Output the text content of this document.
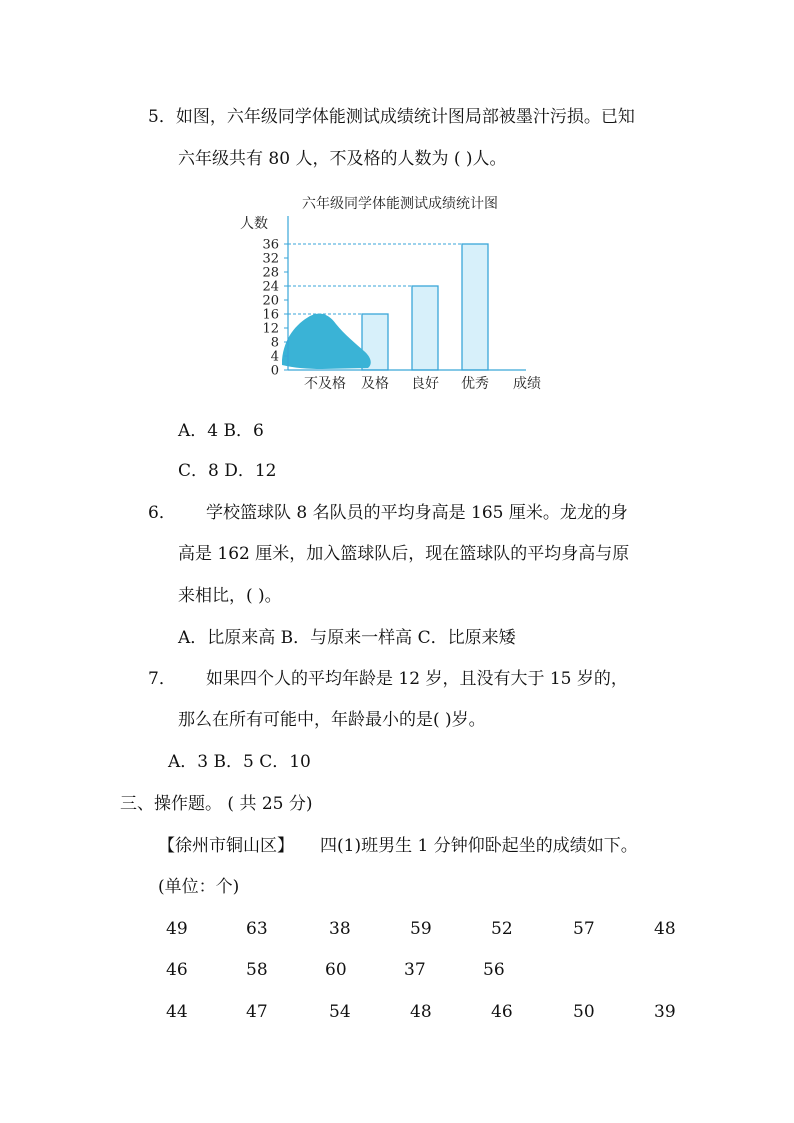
5．如图，六年级同学体能测试成绩统计图局部被墨汁污损。已知
六年级共有 80 人，不及格的人数为 ( )人。
六年级同学体能测试成绩统计图
人数
0
4
8
12
16
20
24
28
32
36
不及格 及格 良好 优秀 成绩
A．4 B．6
C．8 D．12
6． 学校篮球队 8 名队员的平均身高是 165 厘米。龙龙的身
高是 162 厘米，加入篮球队后，现在篮球队的平均身高与原
来相比，( )。
A．比原来高 B．与原来一样高 C．比原来矮
7． 如果四个人的平均年龄是 12 岁，且没有大于 15 岁的，
那么在所有可能中，年龄最小的是( )岁。
A．3 B．5 C．10
三、操作题。 ( 共 25 分)
【徐州市铜山区】 四(1)班男生 1 分钟仰卧起坐的成绩如下。
(单位：个)
49	63	38	59	52	57	48
46	58	60	37	56
44	47	54	48	46	50	39
